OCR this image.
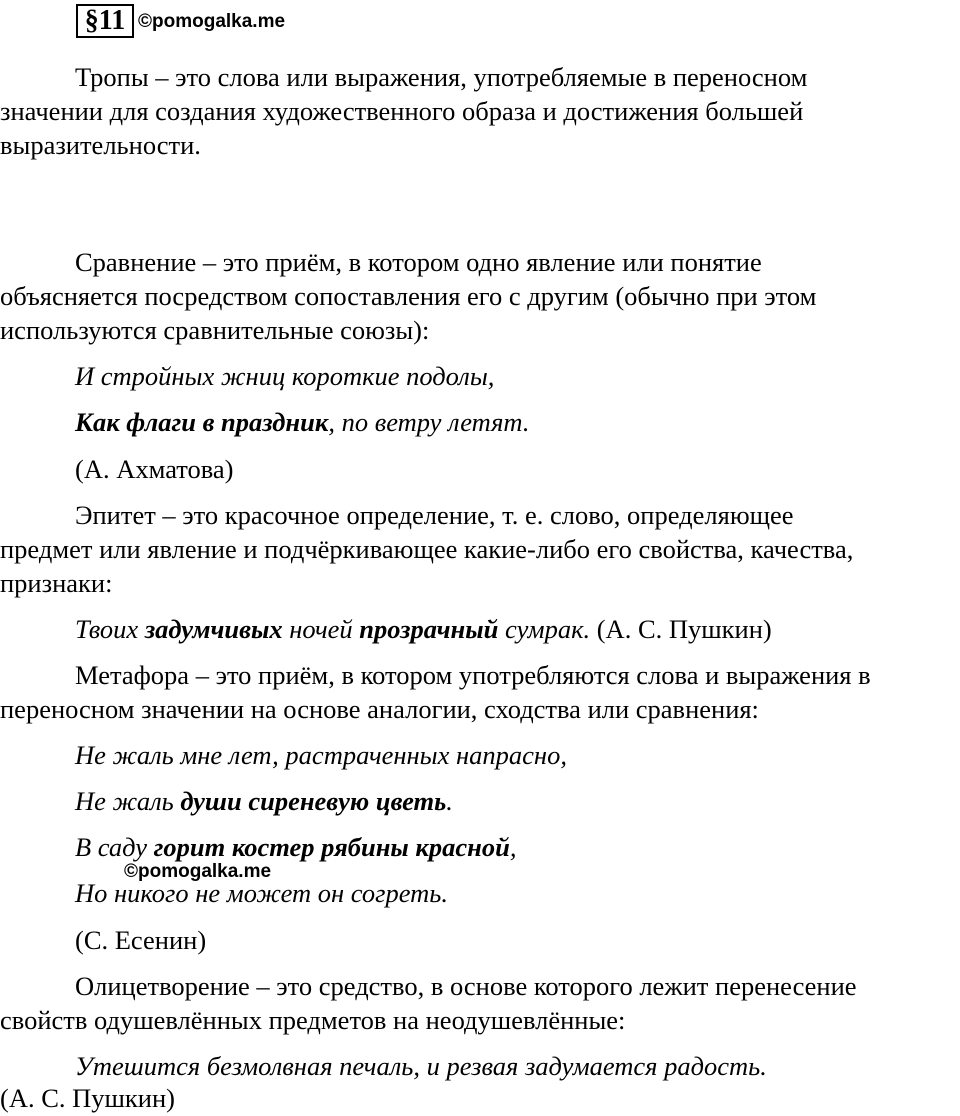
§11 ©pomogalka.me
Тропы – это слова или выражения, употребляемые в переносном
значении для создания художественного образа и достижения большей
выразительности.
Сравнение – это приём, в котором одно явление или понятие
объясняется посредством сопоставления его с другим (обычно при этом
используются сравнительные союзы):
И стройных жниц короткие подолы,
Как флаги в праздник, по ветру летят.
(А. Ахматова)
Эпитет – это красочное определение, т. е. слово, определяющее
предмет или явление и подчёркивающее какие-либо его свойства, качества,
признаки:
Твоих задумчивых ночей прозрачный сумрак. (А. С. Пушкин)
Метафора – это приём, в котором употребляются слова и выражения в
переносном значении на основе аналогии, сходства или сравнения:
Не жаль мне лет, растраченных напрасно,
Не жаль души сиреневую цветь.
В саду горит костер рябины красной,
©pomogalka.me
Но никого не может он согреть.
(С. Есенин)
Олицетворение – это средство, в основе которого лежит перенесение
свойств одушевлённых предметов на неодушевлённые:
Утешится безмолвная печаль, и резвая задумается радость.
(А. С. Пушкин)
